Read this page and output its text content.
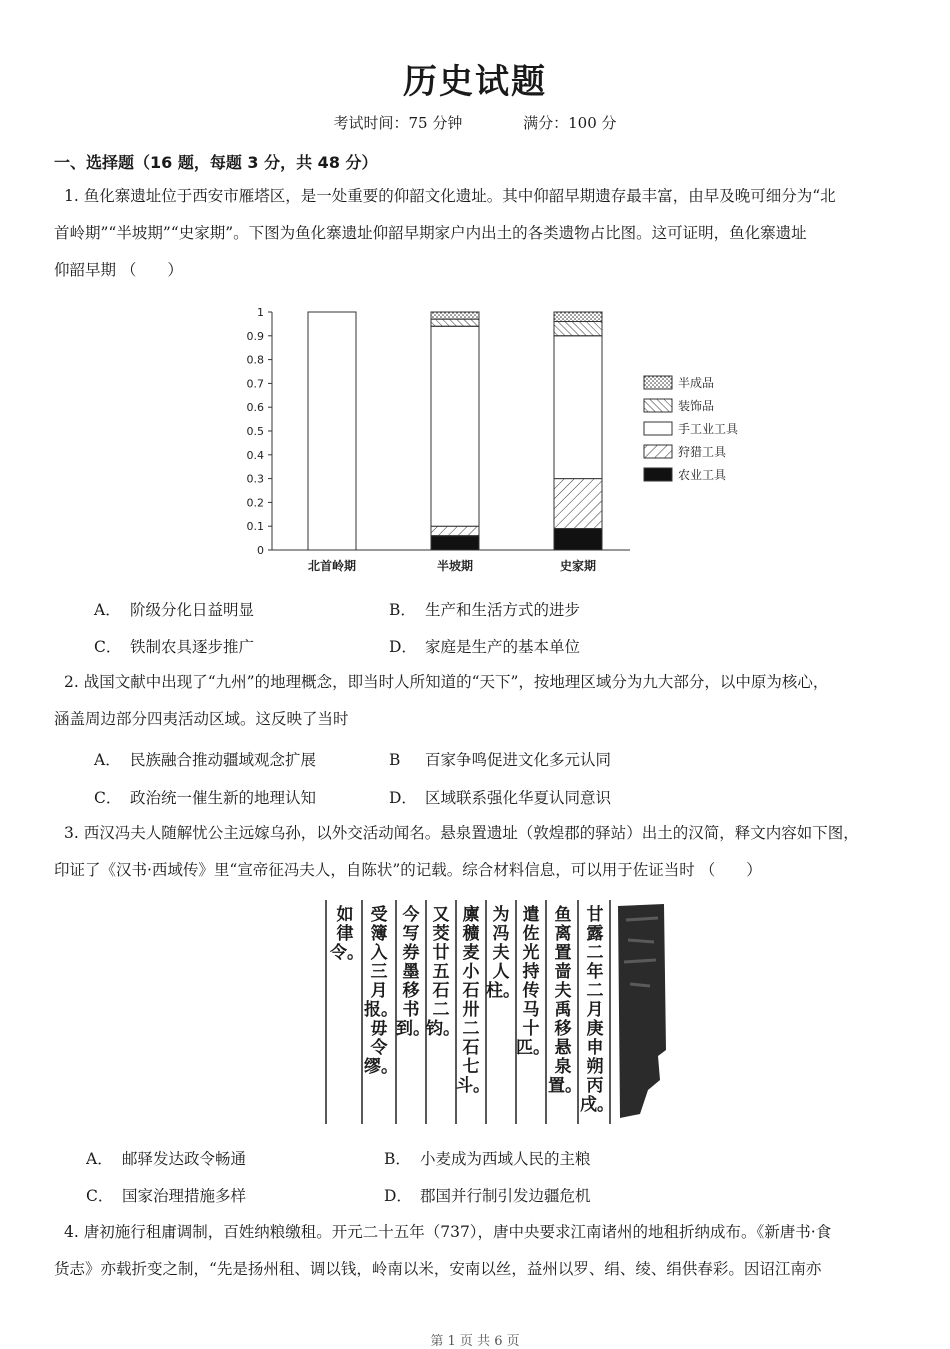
历史试题
考试时间：75 分钟	满分：100 分
一、选择题（16 题，每题 3 分，共 48 分）

1. 鱼化寨遗址位于西安市雁塔区，是一处重要的仰韶文化遗址。其中仰韶早期遗存最丰富，由早及晚可细分为“北

首岭期”“半坡期”“史家期”。下图为鱼化寨遗址仰韶早期家户内出土的各类遗物占比图。这可证明，鱼化寨遗址

仰韶早期 （　　）

0
0.1
0.2
0.3
0.4
0.5
0.6
0.7
0.8
0.9
1
北首岭期	半坡期	史家期
半成品
装饰品
手工业工具
狩猎工具
农业工具
A． 阶级分化日益明显	B． 生产和生活方式的进步
C． 铁制农具逐步推广	D． 家庭是生产的基本单位

2. 战国文献中出现了“九州”的地理概念，即当时人所知道的“天下”，按地理区域分为九大部分，以中原为核心，

涵盖周边部分四夷活动区域。这反映了当时

A． 民族融合推动疆域观念扩展	B 百家争鸣促进文化多元认同
C． 政治统一催生新的地理认知	D． 区域联系强化华夏认同意识

3. 西汉冯夫人随解忧公主远嫁乌孙，以外交活动闻名。悬泉置遗址（敦煌郡的驿站）出土的汉简，释文内容如下图，

印证了《汉书·西域传》里“宣帝征冯夫人，自陈状”的记载。综合材料信息，可以用于佐证当时 （　　）

甘露二年二月庚申朔丙戌。
鱼离置啬夫禹移悬泉置。
遣佐光持传马十匹。
为冯夫人柱。
廪穬麦小石卅二石七斗。
又茭廿五石二钧。
今写券墨移书到。
受簿入三月报。毋令缪。
如律令。
A． 邮驿发达政令畅通	B． 小麦成为西域人民的主粮
C． 国家治理措施多样	D． 郡国并行制引发边疆危机

4. 唐初施行租庸调制，百姓纳粮缴租。开元二十五年（737），唐中央要求江南诸州的地租折纳成布。《新唐书·食

货志》亦载折变之制，“先是扬州租、调以钱，岭南以米，安南以丝，益州以罗、绢、绫、绢供春彩。因诏江南亦

第 1 页 共 6 页
